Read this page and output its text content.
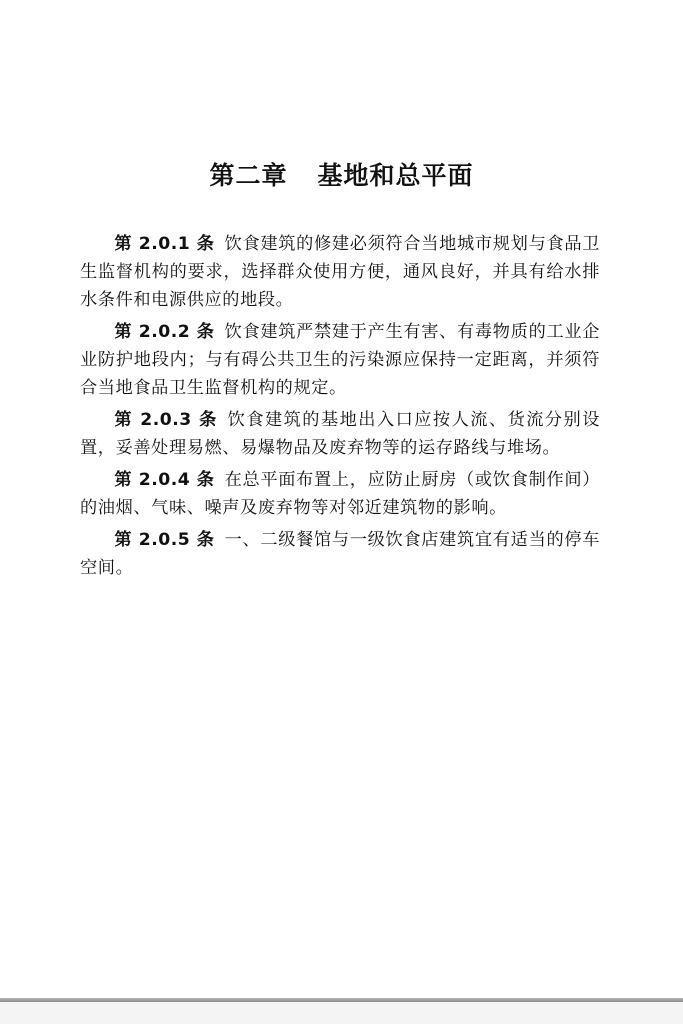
第二章 基地和总平面

第 2.0.1 条 饮食建筑的修建必须符合当地城市规划与食品卫生监督机构的要求，选择群众使用方便，通风良好，并具有给水排水条件和电源供应的地段。

第 2.0.2 条 饮食建筑严禁建于产生有害、有毒物质的工业企业防护地段内；与有碍公共卫生的污染源应保持一定距离，并须符合当地食品卫生监督机构的规定。

第 2.0.3 条 饮食建筑的基地出入口应按人流、货流分别设置，妥善处理易燃、易爆物品及废弃物等的运存路线与堆场。

第 2.0.4 条 在总平面布置上，应防止厨房（或饮食制作间）的油烟、气味、噪声及废弃物等对邻近建筑物的影响。

第 2.0.5 条 一、二级餐馆与一级饮食店建筑宜有适当的停车空间。
